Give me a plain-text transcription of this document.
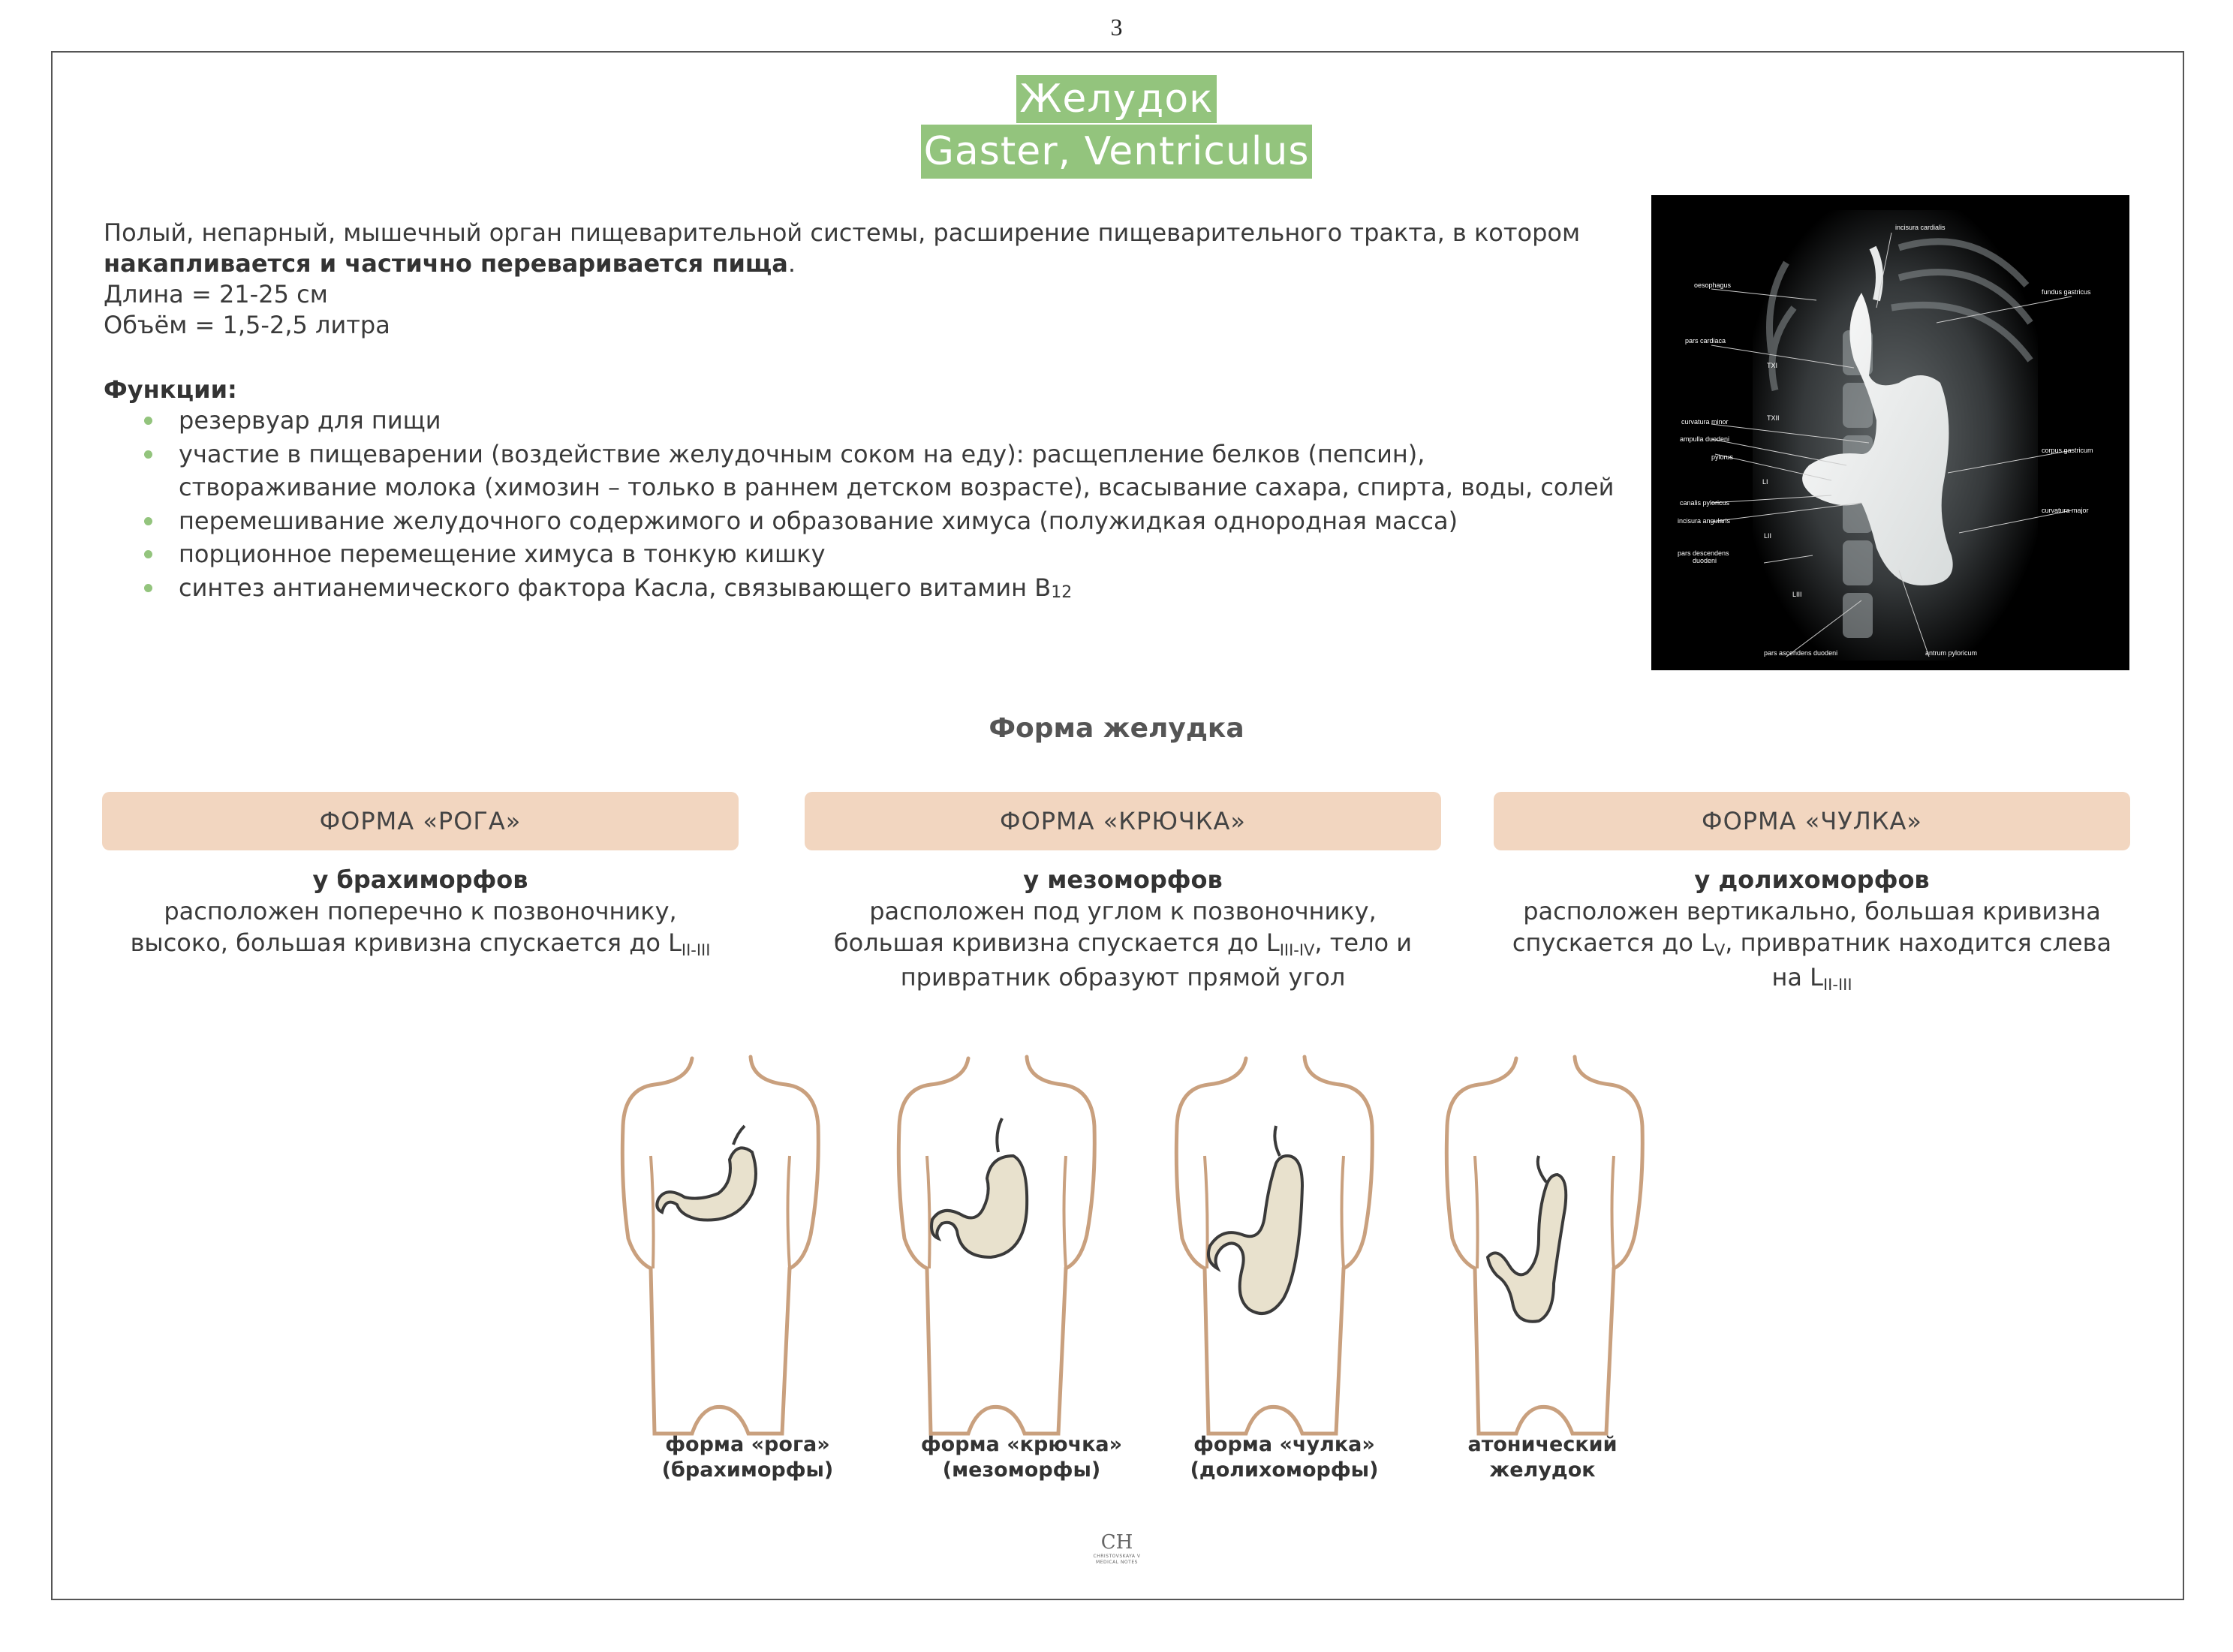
3
Желудок
Gaster, Ventriculus
Полый, непарный, мышечный орган пищеварительной системы, расширение пищеварительного тракта, в котором
накапливается и частично переваривается пища.
Длина = 21-25 см
Объём = 1,5-2,5 литра
Функции:
резервуар для пищи
участие в пищеварении (воздействие желудочным соком на еду): расщепление белков (пепсин),
створаживание молока (химозин – только в раннем детском возрасте), всасывание сахара, спирта, воды, солей
перемешивание желудочного содержимого и образование химуса (полужидкая однородная масса)
порционное перемещение химуса в тонкую кишку
синтез антианемического фактора Касла, связывающего витамин B12
incisura cardialis
oesophagus
fundus gastricus
pars cardiaca
TXI
TXII
curvatura minor
ampulla duodeni
pylorus
corpus gastricum
LI
canalis pyloricus
incisura angularis
curvatura major
LII
pars descendens
duodeni
LIII
pars ascendens duodeni	antrum pyloricum
Форма желудка
ФОРМА «РОГА»
у брахиморфов
расположен поперечно к позвоночнику,
высоко, большая кривизна спускается до LII-III
ФОРМА «КРЮЧКА»
у мезоморфов
расположен под углом к позвоночнику,
большая кривизна спускается до LIII-IV, тело и
привратник образуют прямой угол
ФОРМА «ЧУЛКА»
у долихоморфов
расположен вертикально, большая кривизна
спускается до LV, привратник находится слева
на LII-III
форма «рога»
(брахиморфы)
форма «крючка»
(мезоморфы)
форма «чулка»
(долихоморфы)
атонический
желудок
CH
CHRISTOVSKAYA V
MEDICAL NOTES
